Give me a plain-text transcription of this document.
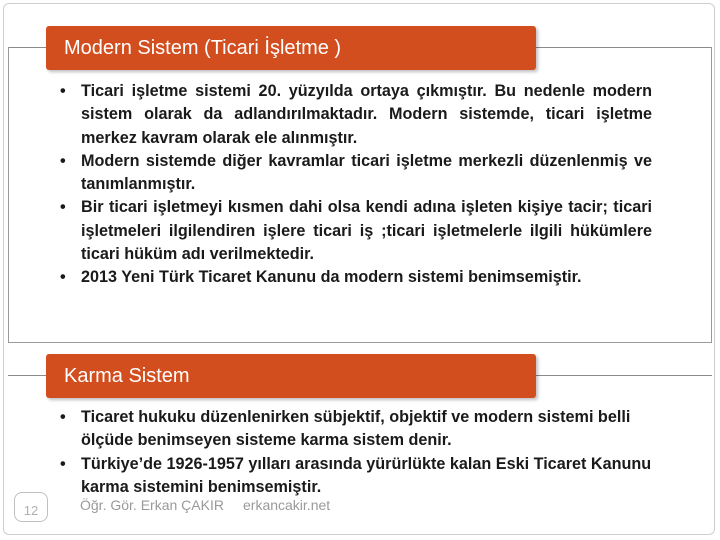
Modern Sistem (Ticari İşletme )
• Ticari işletme sistemi 20. yüzyılda ortaya çıkmıştır. Bu nedenle modern sistem olarak da adlandırılmaktadır. Modern sistemde, ticari işletme merkez kavram olarak ele alınmıştır.
• Modern sistemde diğer kavramlar ticari işletme merkezli düzenlenmiş ve tanımlanmıştır.
• Bir ticari işletmeyi kısmen dahi olsa kendi adına işleten kişiye tacir; ticari işletmeleri ilgilendiren işlere ticari iş ;ticari işletmelerle ilgili hükümlere ticari hüküm adı verilmektedir.
• 2013 Yeni Türk Ticaret Kanunu da modern sistemi benimsemiştir.
Karma Sistem
• Ticaret hukuku düzenlenirken sübjektif, objektif ve modern sistemi belli ölçüde benimseyen sisteme karma sistem denir.
• Türkiye’de 1926-1957 yılları arasında yürürlükte kalan Eski Ticaret Kanunu karma sistemini benimsemiştir.
12	Öğr. Gör. Erkan ÇAKIR erkancakir.net
